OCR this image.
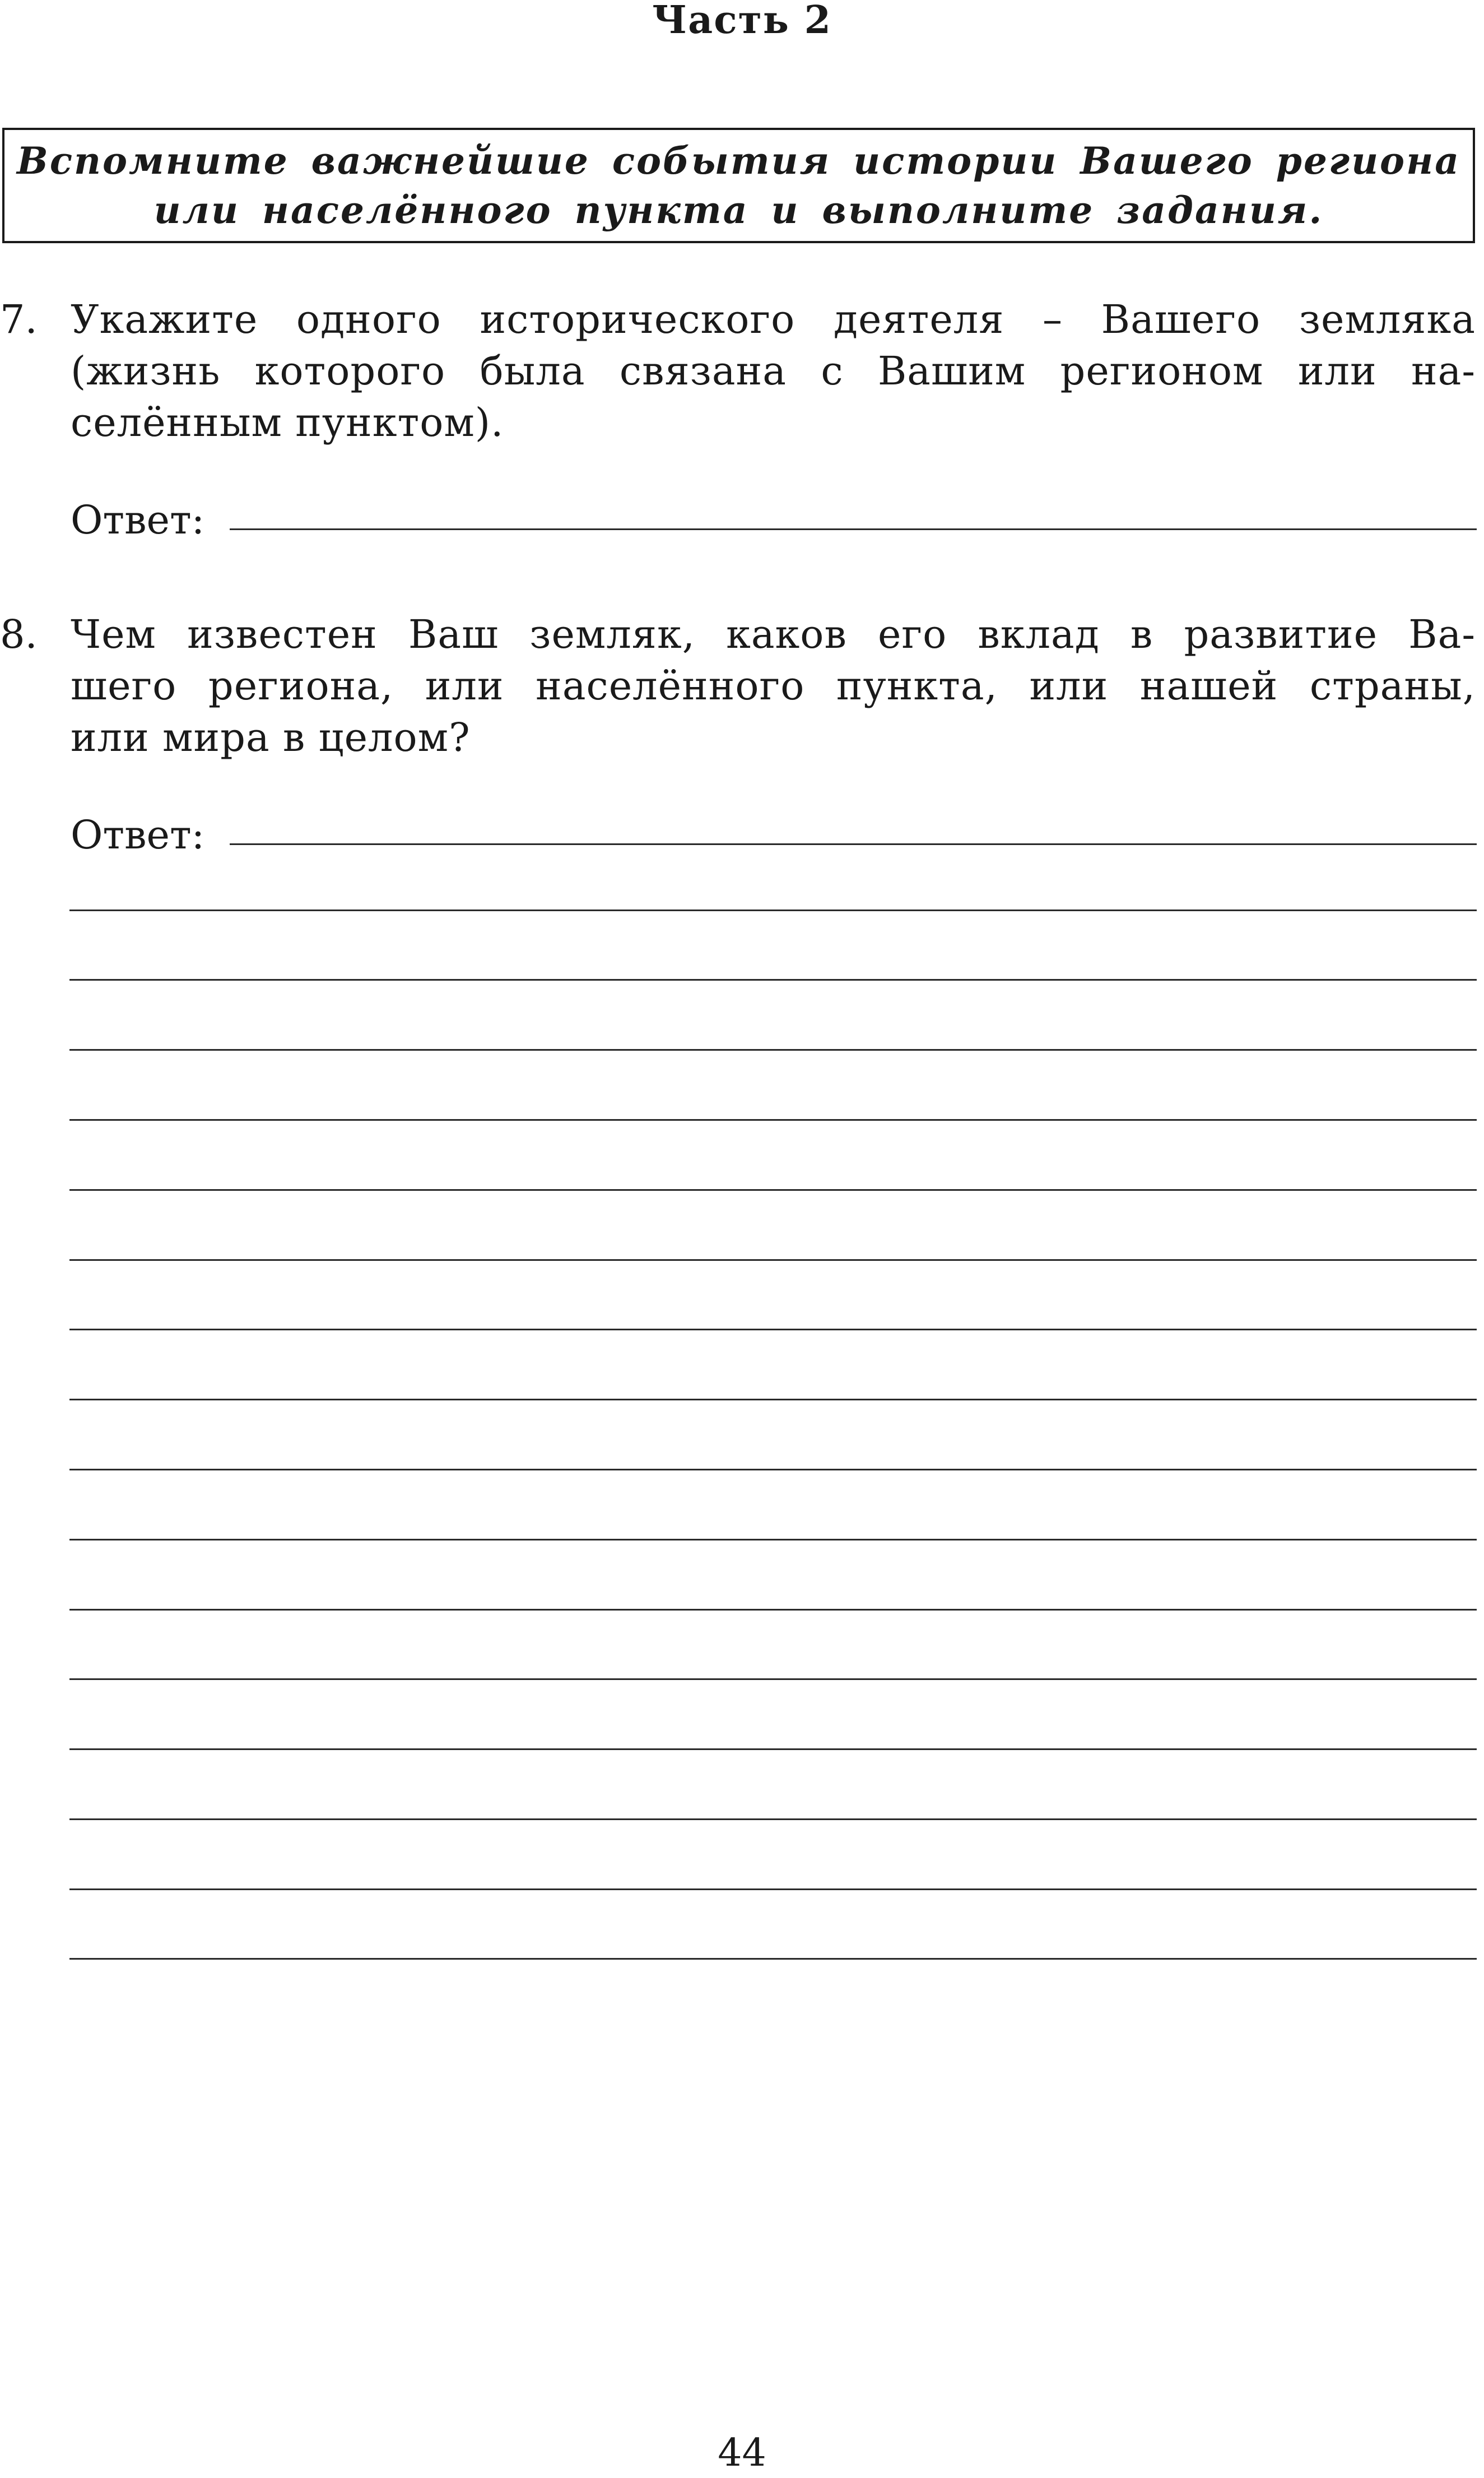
Часть 2
Вспомните важнейшие события истории Вашего региона
или населённого пункта и выполните задания.
7. Укажите одного исторического деятеля – Вашего земляка
(жизнь которого была связана с Вашим регионом или на-
селённым пунктом).
Ответ:
8. Чем известен Ваш земляк, каков его вклад в развитие Ва-
шего региона, или населённого пункта, или нашей страны,
или мира в целом?
Ответ:
44
